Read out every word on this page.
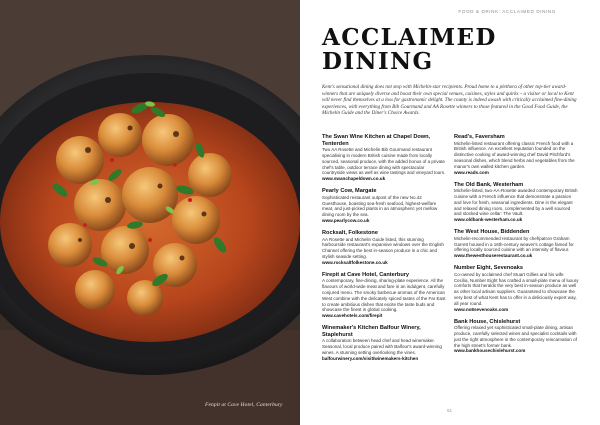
Fenpit at Cave Hotel, Canterbury
FOOD & DRINK: ACCLAIMED DINING
ACCLAIMED DINING

Kent's sensational dining does not stop with Michelin-star recipients. Proud home to a plethora of other top-tier award-winners that are uniquely diverse and boast their own special venues, cuisines, styles and quirks – a visitor or local to Kent will never find themselves at a loss for gastronomic delight. The county is indeed awash with critically acclaimed fine-dining experiences, with everything from Bib Gourmand and AA Rosette winners to those featured in the Good Food Guide, the Michelin Guide and the Diner's Choice Awards.

The Swan Wine Kitchen at Chapel Down, Tenterden
Two AA Rosette and Michelin Bib Gourmand restaurant specialising in modern British cuisine made from locally sourced, seasonal produce, with the added bonus of a private chef's table, outdoor terrace dining with spectacular countryside views as well as wine tastings and vineyard tours.
www.swanchapeldown.co.uk
Pearly Cow, Margate
Sophisticated restaurant outpost of the new No.42 Guesthouse, boasting sea-fresh seafood, highest-welfare meat, and just-picked plants in an atmospheric yet mellow dining room by the sea.
www.pearlycow.co.uk
Rocksalt, Folkestone
AA Rosette and Michelin Guide listed, this stunning harbourside restaurant's expansive windows over the English Channel offering the best in-season produce in a chic and stylish seaside setting.
www.rocksaltfolkestone.co.uk
Firepit at Cave Hotel, Canterbury
A contemporary, fine-dining, sharing-plate experience. All the flavours of world-wide meat and fare in an indulgent, carefully conjured menu. The smoky barbecue aromas of the American West combine with the delicately spiced tastes of the Far East to create ambitious dishes that excite the taste buds and showcase the finest in global cooking.
www.cavehotels.com/firepit
Winemaker's Kitchen Balfour Winery, Staplehurst
A collaboration between head chef and head winemaker. Seasonal, local produce paired with Balfour's award-winning wines. A stunning setting overlooking the vines.
balfourwinery.com/visit/winemakers-kitchen
Read's, Faversham
Michelin-listed restaurant offering classic French food with a British influence. An excellent reputation founded on the distinctive cooking of award-winning chef David Pitchford's seasonal dishes, which blend herbs and vegetables from the manor's own walled kitchen garden.
www.reads.com
The Old Bank, Westerham
Michelin-listed, two-AA-Rosette awarded contemporary British cuisine with a French influence that demonstrate a passion and love for fresh, seasonal ingredients. Dine in the elegant and relaxed dining room, complemented by a well sourced and stocked wine cellar: The Vault.
www.oldbank-westerham.co.uk
The West House, Biddenden
Michelin-recommended restaurant by chef/patron Graham Garrett housed in a 16th-century weaver's cottage famed for offering locally sourced cuisine with an intensity of flavour.
www.thewesthouserestaurant.co.uk
Number Eight, Sevenoaks
Co-owned by acclaimed chef Stuart Gillies and his wife Cecilia, Number Eight has crafted a small-plate menu of luxury comforts that heralds the very best in-season produce as well as other local artisan suppliers. Guaranteed to showcase the very best of what Kent has to offer in a deliciously expert way, all year round.
www.no8sevenoaks.com
Bank House, Chislehurst
Offering relaxed yet sophisticated small-plate dining, artisan produce, carefully selected wines and specialist cocktails with just the right atmosphere in the contemporary reincarnation of the high street's former bank.
www.bankhousechislehurst.com
51
